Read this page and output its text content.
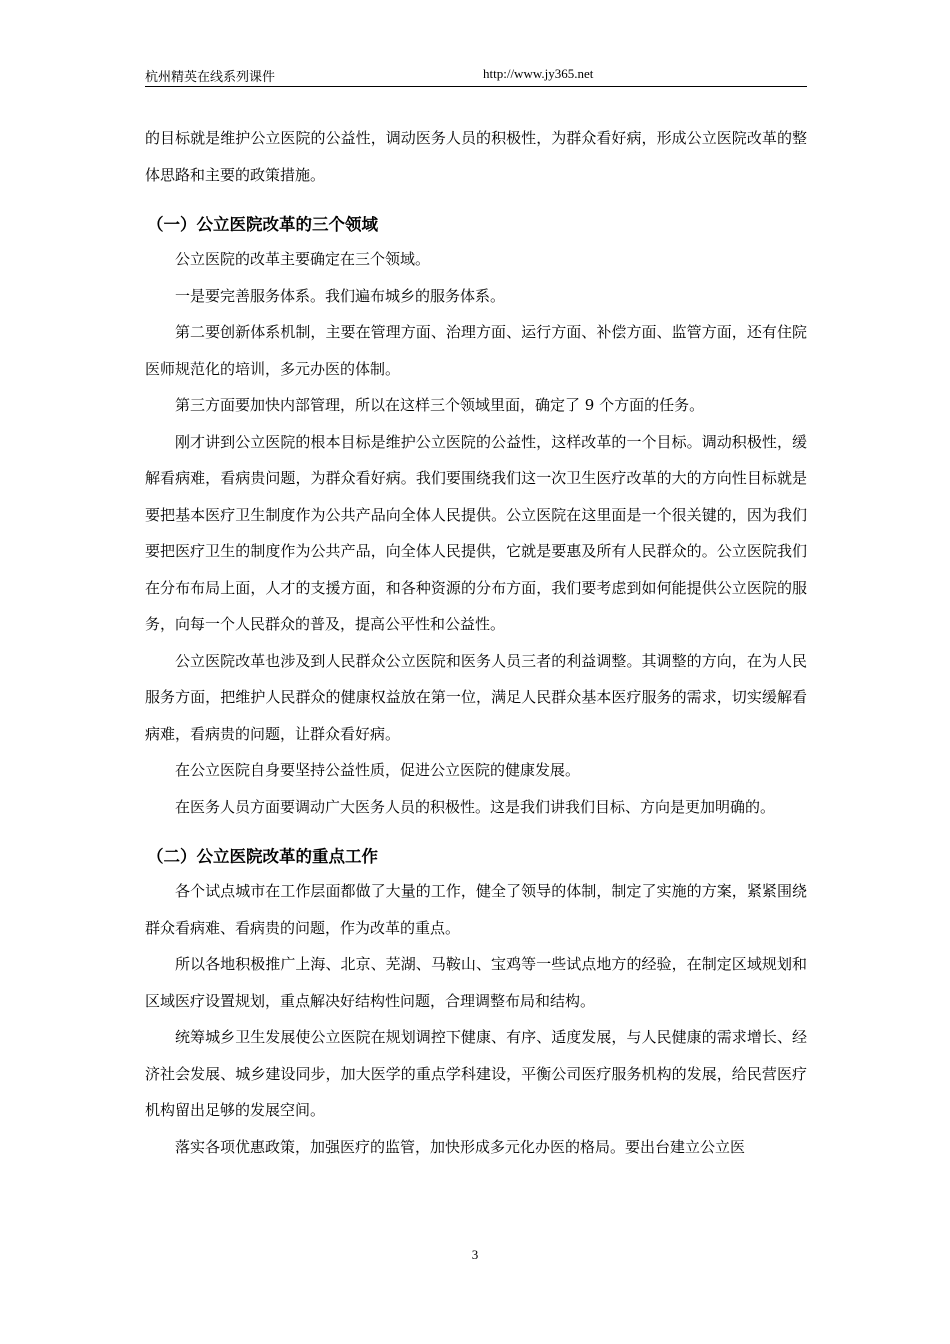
杭州精英在线系列课件	http://www.jy365.net

的目标就是维护公立医院的公益性，调动医务人员的积极性，为群众看好病，形成公立医院改革的整体思路和主要的政策措施。

（一）公立医院改革的三个领域

公立医院的改革主要确定在三个领域。

一是要完善服务体系。我们遍布城乡的服务体系。

第二要创新体系机制，主要在管理方面、治理方面、运行方面、补偿方面、监管方面，还有住院医师规范化的培训，多元办医的体制。

第三方面要加快内部管理，所以在这样三个领域里面，确定了 9 个方面的任务。

刚才讲到公立医院的根本目标是维护公立医院的公益性，这样改革的一个目标。调动积极性，缓解看病难，看病贵问题，为群众看好病。我们要围绕我们这一次卫生医疗改革的大的方向性目标就是要把基本医疗卫生制度作为公共产品向全体人民提供。公立医院在这里面是一个很关键的，因为我们要把医疗卫生的制度作为公共产品，向全体人民提供，它就是要惠及所有人民群众的。公立医院我们在分布布局上面，人才的支援方面，和各种资源的分布方面，我们要考虑到如何能提供公立医院的服务，向每一个人民群众的普及，提高公平性和公益性。

公立医院改革也涉及到人民群众公立医院和医务人员三者的利益调整。其调整的方向，在为人民服务方面，把维护人民群众的健康权益放在第一位，满足人民群众基本医疗服务的需求，切实缓解看病难，看病贵的问题，让群众看好病。

在公立医院自身要坚持公益性质，促进公立医院的健康发展。

在医务人员方面要调动广大医务人员的积极性。这是我们讲我们目标、方向是更加明确的。

（二）公立医院改革的重点工作

各个试点城市在工作层面都做了大量的工作，健全了领导的体制，制定了实施的方案，紧紧围绕群众看病难、看病贵的问题，作为改革的重点。

所以各地积极推广上海、北京、芜湖、马鞍山、宝鸡等一些试点地方的经验，在制定区域规划和区域医疗设置规划，重点解决好结构性问题，合理调整布局和结构。

统筹城乡卫生发展使公立医院在规划调控下健康、有序、适度发展，与人民健康的需求增长、经济社会发展、城乡建设同步，加大医学的重点学科建设，平衡公司医疗服务机构的发展，给民营医疗机构留出足够的发展空间。

落实各项优惠政策，加强医疗的监管，加快形成多元化办医的格局。要出台建立公立医

3
